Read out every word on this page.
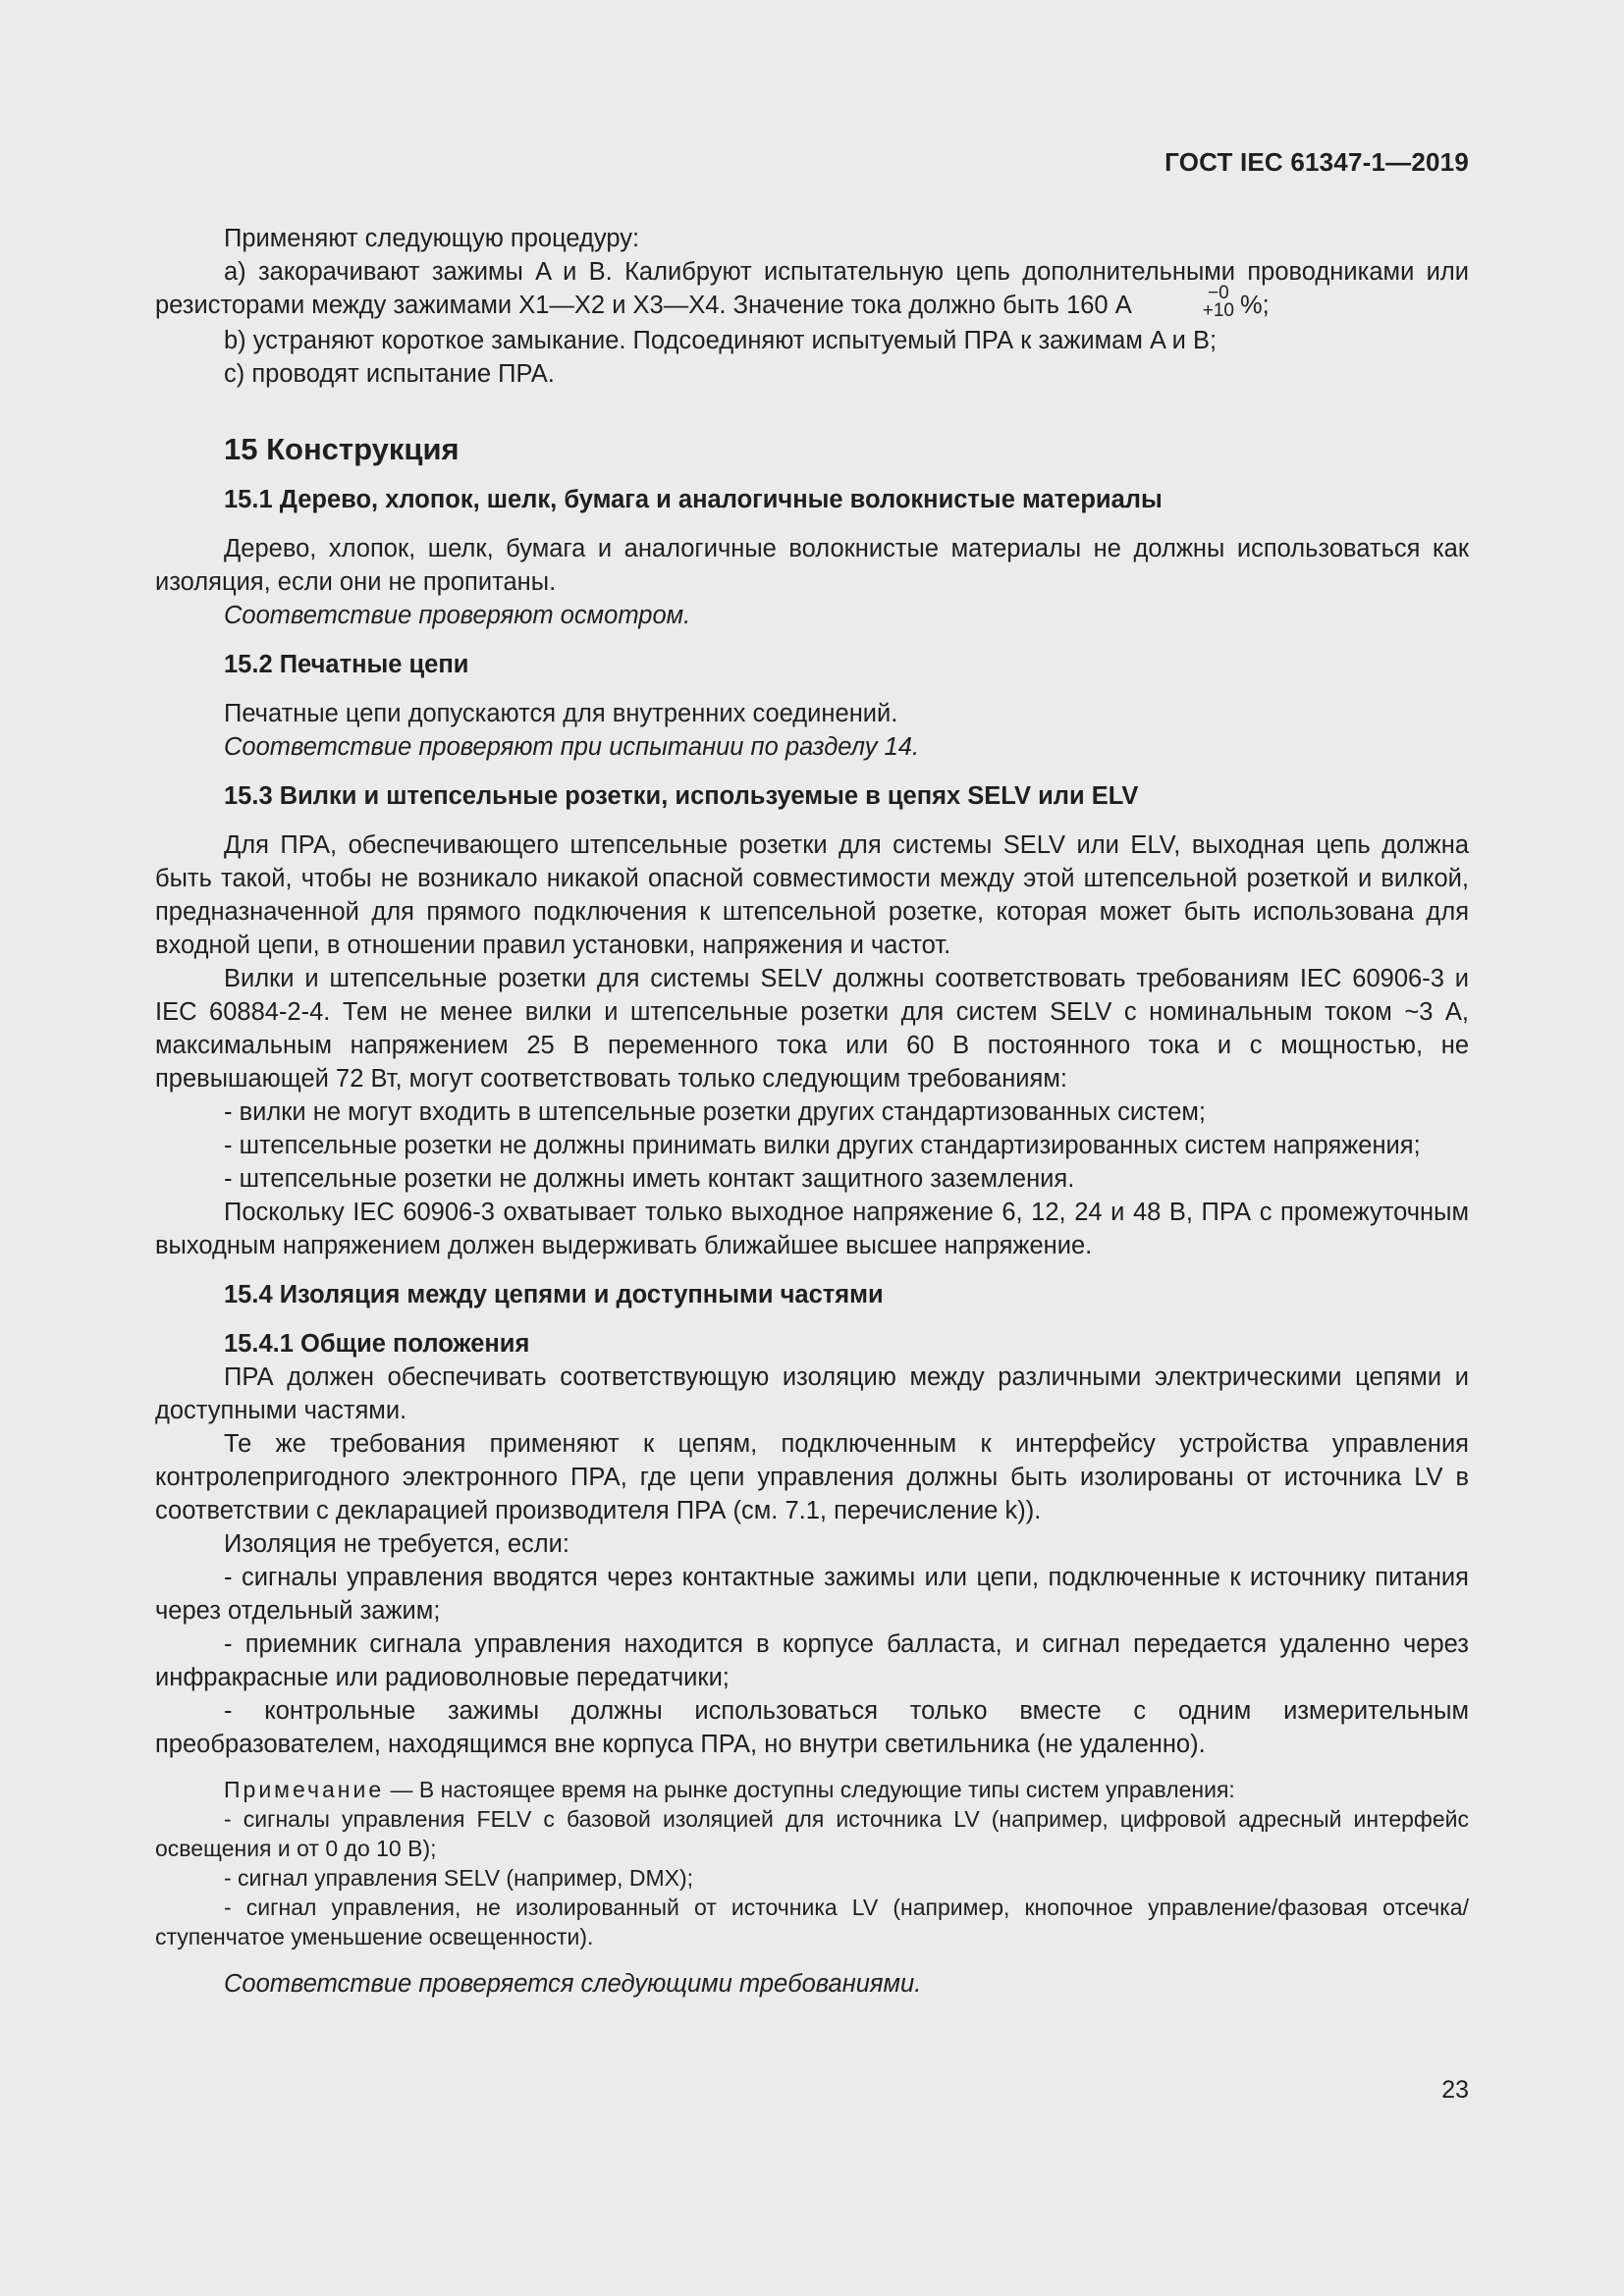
ГОСТ IEC 61347-1—2019

Применяют следующую процедуру:

a) закорачивают зажимы A и B. Калибруют испытательную цепь дополнительными проводниками или резисторами между зажимами X1—X2 и X3—X4. Значение тока должно быть 160 A	−0
+10 %;

b) устраняют короткое замыкание. Подсоединяют испытуемый ПРА к зажимам A и B;

c) проводят испытание ПРА.

15 Конструкция

15.1 Дерево, хлопок, шелк, бумага и аналогичные волокнистые материалы

Дерево, хлопок, шелк, бумага и аналогичные волокнистые материалы не должны использоваться как изоляция, если они не пропитаны.

Соответствие проверяют осмотром.

15.2 Печатные цепи

Печатные цепи допускаются для внутренних соединений.

Соответствие проверяют при испытании по разделу 14.

15.3 Вилки и штепсельные розетки, используемые в цепях SELV или ELV

Для ПРА, обеспечивающего штепсельные розетки для системы SELV или ELV, выходная цепь должна быть такой, чтобы не возникало никакой опасной совместимости между этой штепсельной розеткой и вилкой, предназначенной для прямого подключения к штепсельной розетке, которая может быть использована для входной цепи, в отношении правил установки, напряжения и частот.

Вилки и штепсельные розетки для системы SELV должны соответствовать требованиям IEC 60906-3 и IEC 60884-2-4. Тем не менее вилки и штепсельные розетки для систем SELV с номинальным током ~3 A, максимальным напряжением 25 В переменного тока или 60 В постоянного тока и с мощностью, не превышающей 72 Вт, могут соответствовать только следующим требованиям:

- вилки не могут входить в штепсельные розетки других стандартизованных систем;

- штепсельные розетки не должны принимать вилки других стандартизированных систем напряжения;

- штепсельные розетки не должны иметь контакт защитного заземления.

Поскольку IEC 60906-3 охватывает только выходное напряжение 6, 12, 24 и 48 В, ПРА с промежуточным выходным напряжением должен выдерживать ближайшее высшее напряжение.

15.4 Изоляция между цепями и доступными частями

15.4.1 Общие положения

ПРА должен обеспечивать соответствующую изоляцию между различными электрическими цепями и доступными частями.

Те же требования применяют к цепям, подключенным к интерфейсу устройства управления контролепригодного электронного ПРА, где цепи управления должны быть изолированы от источника LV в соответствии с декларацией производителя ПРА (см. 7.1, перечисление k)).

Изоляция не требуется, если:

- сигналы управления вводятся через контактные зажимы или цепи, подключенные к источнику питания через отдельный зажим;

- приемник сигнала управления находится в корпусе балласта, и сигнал передается удаленно через инфракрасные или радиоволновые передатчики;

- контрольные зажимы должны использоваться только вместе с одним измерительным преобразователем, находящимся вне корпуса ПРА, но внутри светильника (не удаленно).

Примечание — В настоящее время на рынке доступны следующие типы систем управления:

- сигналы управления FELV с базовой изоляцией для источника LV (например, цифровой адресный интерфейс освещения и от 0 до 10 В);

- сигнал управления SELV (например, DMX);

- сигнал управления, не изолированный от источника LV (например, кнопочное управление/фазовая отсечка/ступенчатое уменьшение освещенности).

Соответствие проверяется следующими требованиями.

23
